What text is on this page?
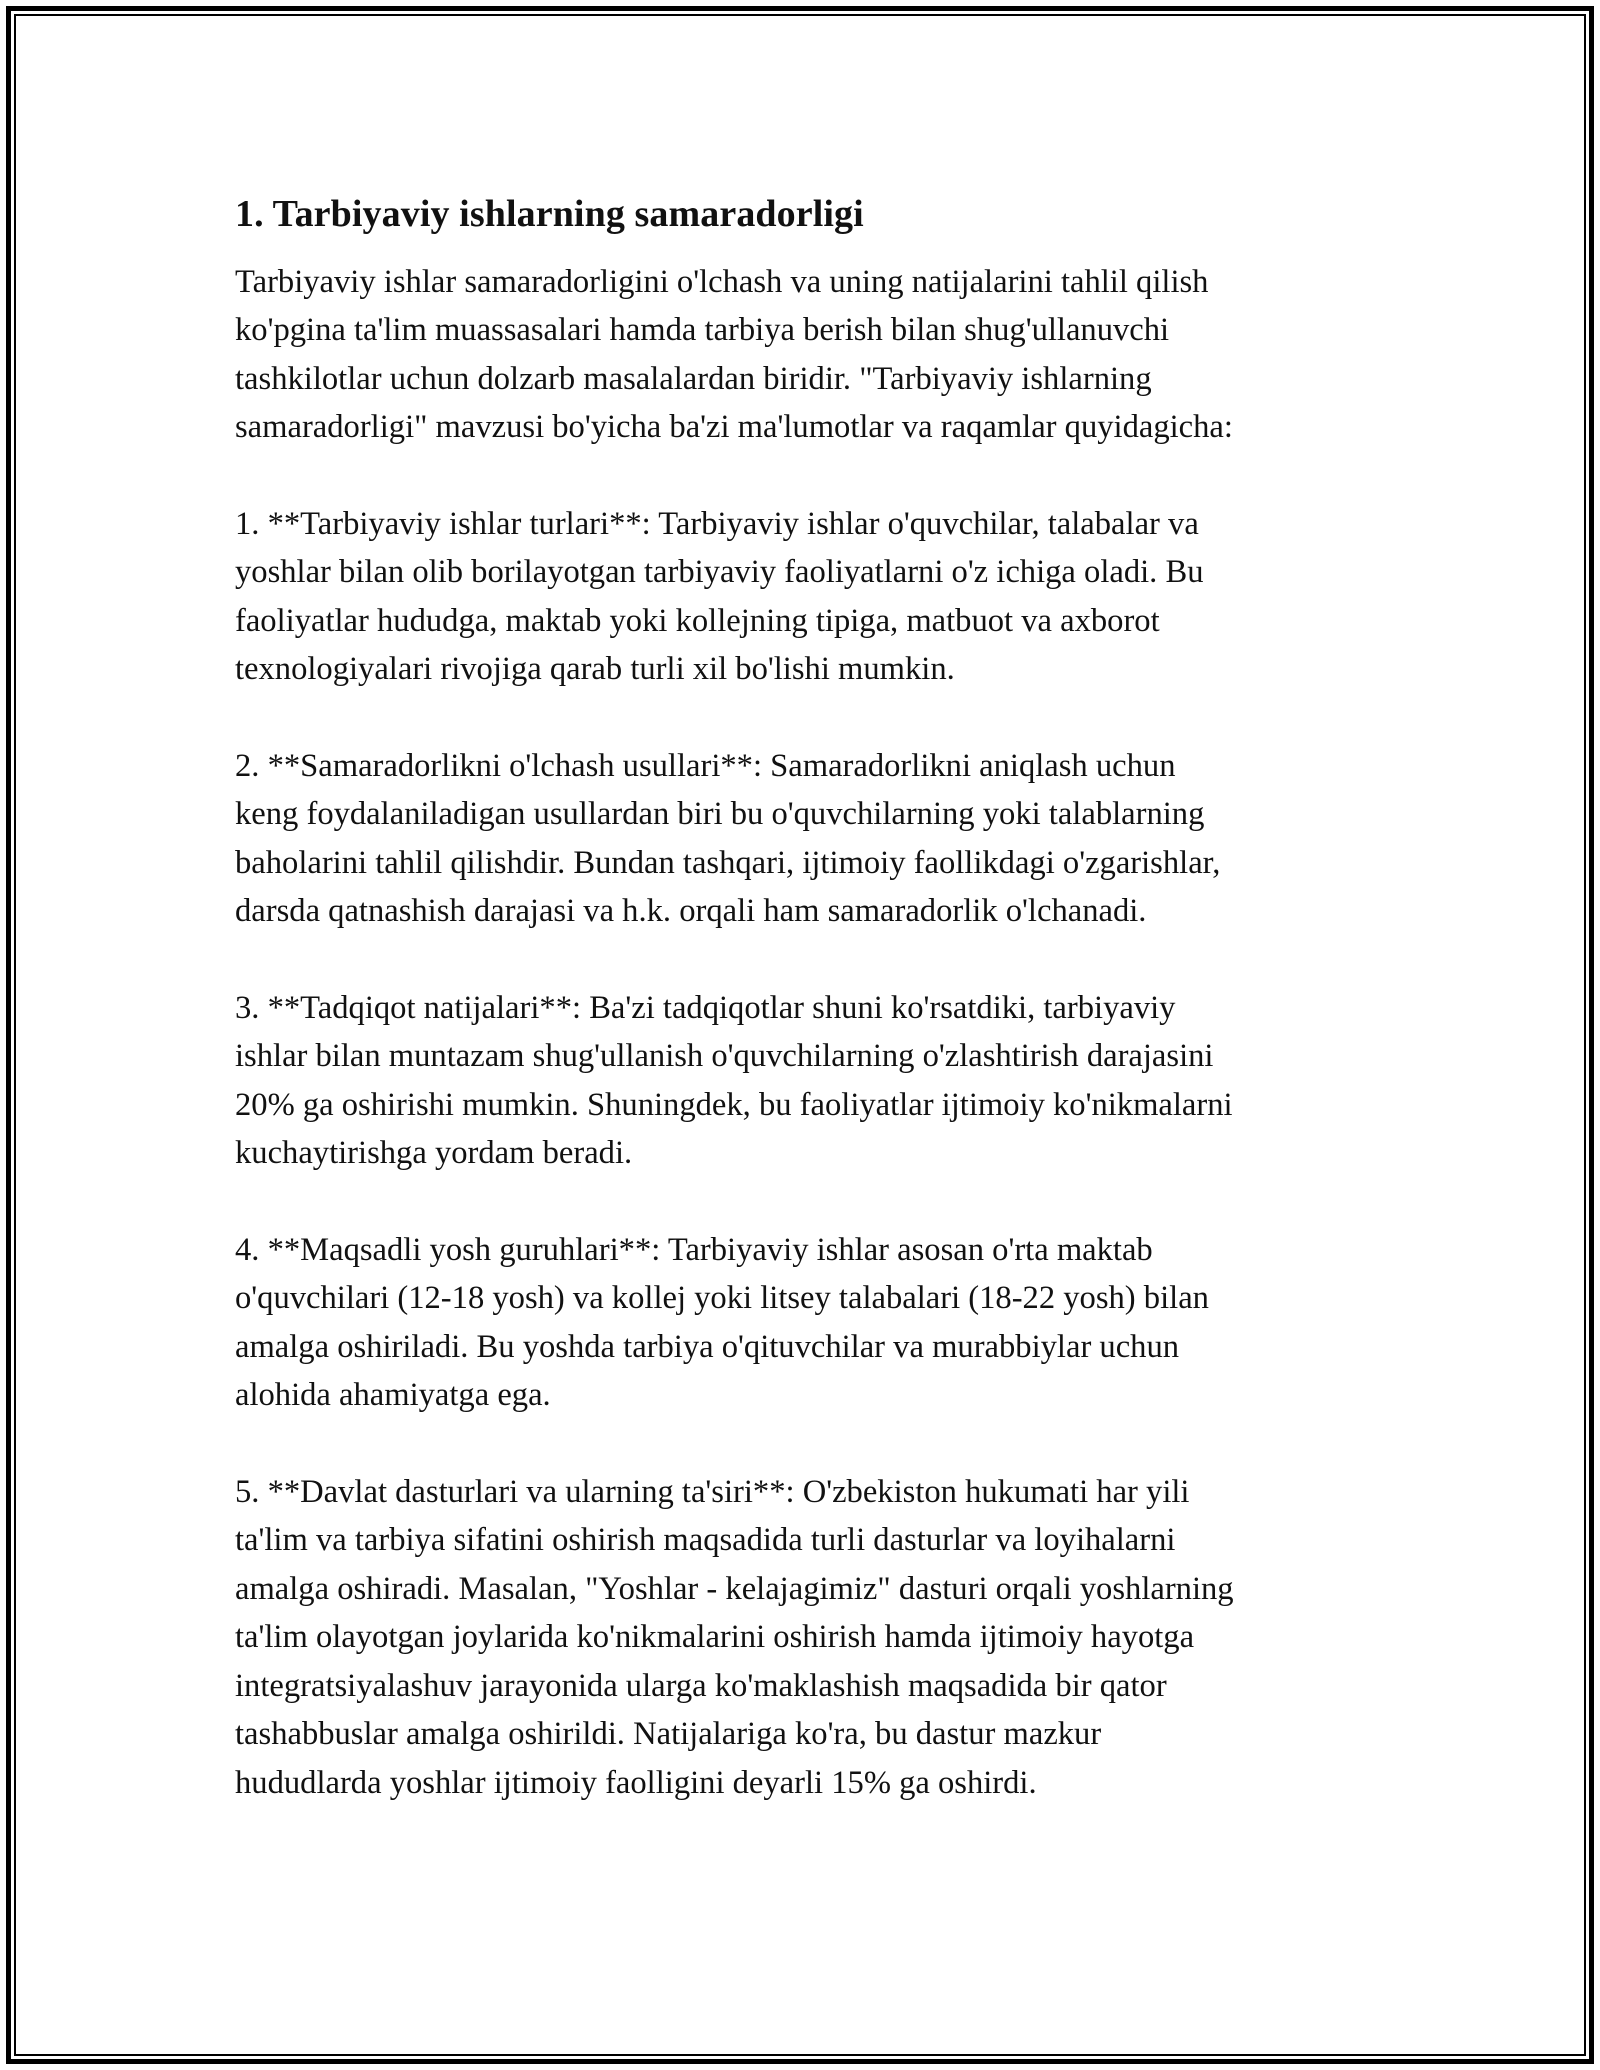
1. Tarbiyaviy ishlarning samaradorligi

Tarbiyaviy ishlar samaradorligini o'lchash va uning natijalarini tahlil qilish
ko'pgina ta'lim muassasalari hamda tarbiya berish bilan shug'ullanuvchi
tashkilotlar uchun dolzarb masalalardan biridir. "Tarbiyaviy ishlarning
samaradorligi" mavzusi bo'yicha ba'zi ma'lumotlar va raqamlar quyidagicha:

1. **Tarbiyaviy ishlar turlari**: Tarbiyaviy ishlar o'quvchilar, talabalar va
yoshlar bilan olib borilayotgan tarbiyaviy faoliyatlarni o'z ichiga oladi. Bu
faoliyatlar hududga, maktab yoki kollejning tipiga, matbuot va axborot
texnologiyalari rivojiga qarab turli xil bo'lishi mumkin.

2. **Samaradorlikni o'lchash usullari**: Samaradorlikni aniqlash uchun
keng foydalaniladigan usullardan biri bu o'quvchilarning yoki talablarning
baholarini tahlil qilishdir. Bundan tashqari, ijtimoiy faollikdagi o'zgarishlar,
darsda qatnashish darajasi va h.k. orqali ham samaradorlik o'lchanadi.

3. **Tadqiqot natijalari**: Ba'zi tadqiqotlar shuni ko'rsatdiki, tarbiyaviy
ishlar bilan muntazam shug'ullanish o'quvchilarning o'zlashtirish darajasini
20% ga oshirishi mumkin. Shuningdek, bu faoliyatlar ijtimoiy ko'nikmalarni
kuchaytirishga yordam beradi.

4. **Maqsadli yosh guruhlari**: Tarbiyaviy ishlar asosan o'rta maktab
o'quvchilari (12-18 yosh) va kollej yoki litsey talabalari (18-22 yosh) bilan
amalga oshiriladi. Bu yoshda tarbiya o'qituvchilar va murabbiylar uchun
alohida ahamiyatga ega.

5. **Davlat dasturlari va ularning ta'siri**: O'zbekiston hukumati har yili
ta'lim va tarbiya sifatini oshirish maqsadida turli dasturlar va loyihalarni
amalga oshiradi. Masalan, "Yoshlar - kelajagimiz" dasturi orqali yoshlarning
ta'lim olayotgan joylarida ko'nikmalarini oshirish hamda ijtimoiy hayotga
integratsiyalashuv jarayonida ularga ko'maklashish maqsadida bir qator
tashabbuslar amalga oshirildi. Natijalariga ko'ra, bu dastur mazkur
hududlarda yoshlar ijtimoiy faolligini deyarli 15% ga oshirdi.
